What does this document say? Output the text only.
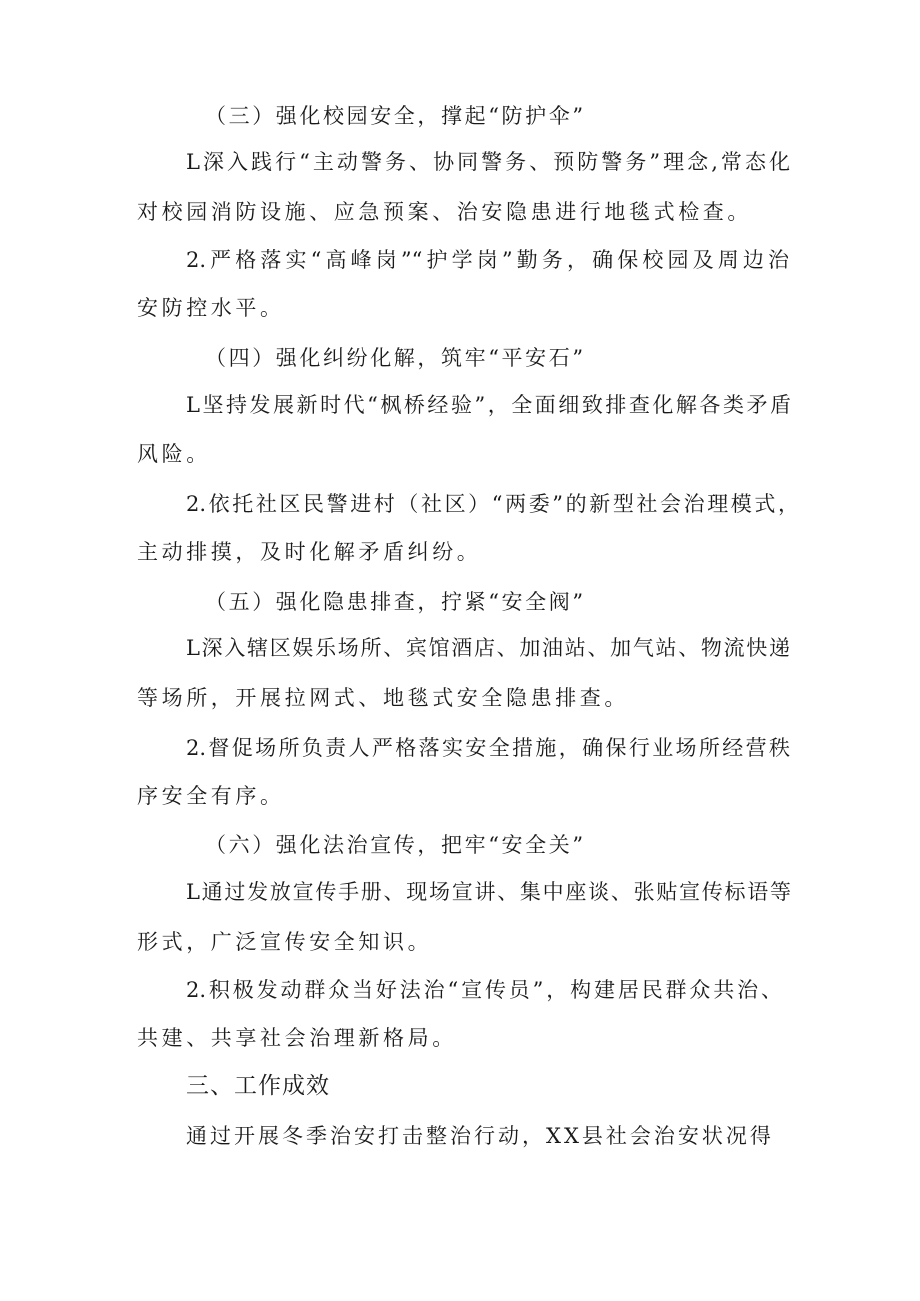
（三）强化校园安全，撑起“防护伞”
L深入践行“主动警务、协同警务、预防警务”理念,常态化
对校园消防设施、应急预案、治安隐患进行地毯式检查。
2.严格落实“高峰岗”“护学岗”勤务，确保校园及周边治
安防控水平。
（四）强化纠纷化解，筑牢“平安石”
L坚持发展新时代“枫桥经验”，全面细致排查化解各类矛盾
风险。
2.依托社区民警进村（社区）“两委”的新型社会治理模式，
主动排摸，及时化解矛盾纠纷。
（五）强化隐患排查，拧紧“安全阀”
L深入辖区娱乐场所、宾馆酒店、加油站、加气站、物流快递
等场所，开展拉网式、地毯式安全隐患排查。
2.督促场所负责人严格落实安全措施，确保行业场所经营秩
序安全有序。
（六）强化法治宣传，把牢“安全关”
L通过发放宣传手册、现场宣讲、集中座谈、张贴宣传标语等
形式，广泛宣传安全知识。
2.积极发动群众当好法治“宣传员”，构建居民群众共治、
共建、共享社会治理新格局。
三、工作成效
通过开展冬季治安打击整治行动，XX县社会治安状况得
